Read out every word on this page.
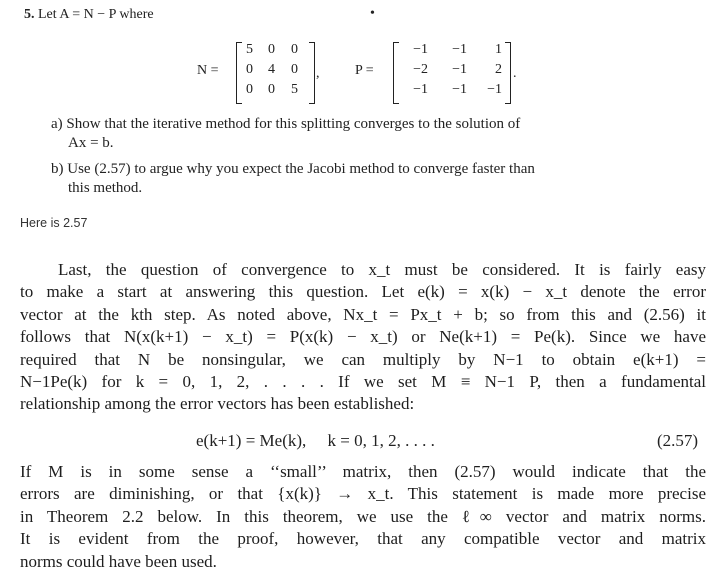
5. Let A = N − P where	•
N =
5	0	0
0	4	0
0	0	5
,	P =
−1	−1	1
−2	−1	2
−1	−1	−1
.
a) Show that the iterative method for this splitting converges to the solution of
Ax = b.
b) Use (2.57) to argue why you expect the Jacobi method to converge faster than
this method.
Here is 2.57
Last, the question of convergence to x_t must be considered. It is fairly easy
to make a start at answering this question. Let e(k) = x(k) − x_t denote the error
vector at the kth step. As noted above, Nx_t = Px_t + b; so from this and (2.56) it
follows that N(x(k+1) − x_t) = P(x(k) − x_t) or Ne(k+1) = Pe(k). Since we have
required that N be nonsingular, we can multiply by N−1 to obtain e(k+1) =
N−1Pe(k) for k = 0, 1, 2, . . . . If we set M ≡ N−1 P, then a fundamental
relationship among the error vectors has been established:
e(k+1) = Me(k),     k = 0, 1, 2, . . . .	(2.57)
If M is in some sense a ‘‘small’’ matrix, then (2.57) would indicate that the
errors are diminishing, or that {x(k)} → x_t. This statement is made more precise
in Theorem 2.2 below. In this theorem, we use the ℓ∞ vector and matrix norms.
It is evident from the proof, however, that any compatible vector and matrix
norms could have been used.
